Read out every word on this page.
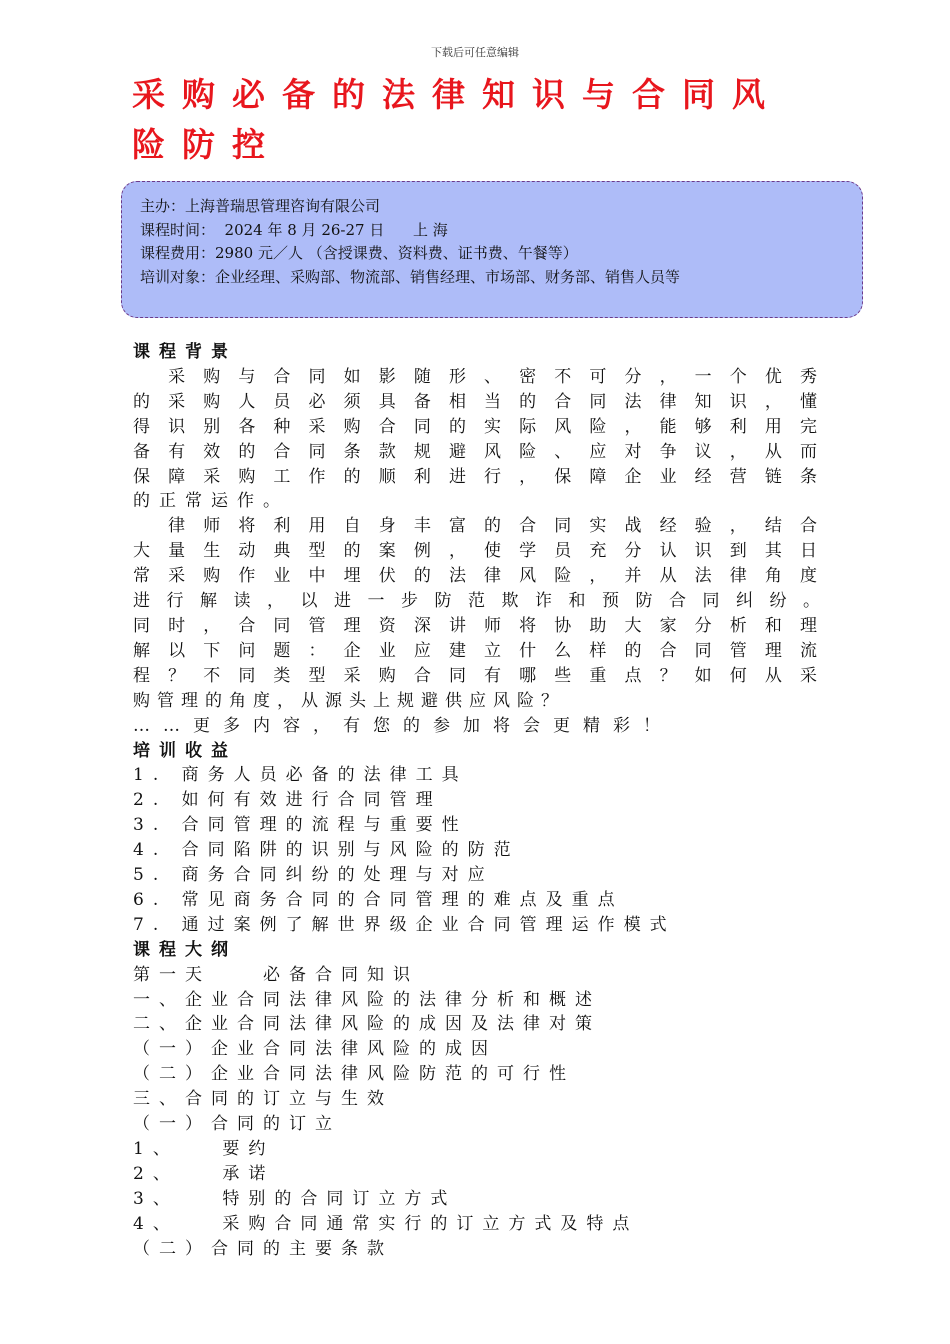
下载后可任意编辑
采购必备的法律知识与合同风
险防控
主办：上海普瑞思管理咨询有限公司
课程时间：  2024 年 8 月 26-27 日      上 海
课程费用：2980 元／人 （含授课费、资料费、证书费、午餐等）
培训对象：企业经理、采购部、物流部、销售经理、市场部、财务部、销售人员等
课程背景
　采购与合同如影随形、密不可分，一个优秀
的采购人员必须具备相当的合同法律知识，懂
得识别各种采购合同的实际风险，能够利用完
备有效的合同条款规避风险、应对争议，从而
保障采购工作的顺利进行，保障企业经营链条
的正常运作。
　律师将利用自身丰富的合同实战经验，结合
大量生动典型的案例，使学员充分认识到其日
常采购作业中埋伏的法律风险，并从法律角度
进行解读，以进一步防范欺诈和预防合同纠纷。
同时，合同管理资深讲师将协助大家分析和理
解以下问题：企业应建立什么样的合同管理流
程？不同类型采购合同有哪些重点？如何从采
购管理的角度，从源头上规避供应风险？
……更多内容，有您的参加将会更精彩！
培训收益
1. 商务人员必备的法律工具
2. 如何有效进行合同管理
3. 合同管理的流程与重要性
4. 合同陷阱的识别与风险的防范
5. 商务合同纠纷的处理与对应
6. 常见商务合同的合同管理的难点及重点
7. 通过案例了解世界级企业合同管理运作模式
课程大纲
第一天　　必备合同知识
一、企业合同法律风险的法律分析和概述
二、企业合同法律风险的成因及法律对策
（一）企业合同法律风险的成因
（二）企业合同法律风险防范的可行性
三、合同的订立与生效
（一）合同的订立
1、　　要约
2、　　承诺
3、　　特别的合同订立方式
4、　　采购合同通常实行的订立方式及特点
（二）合同的主要条款
